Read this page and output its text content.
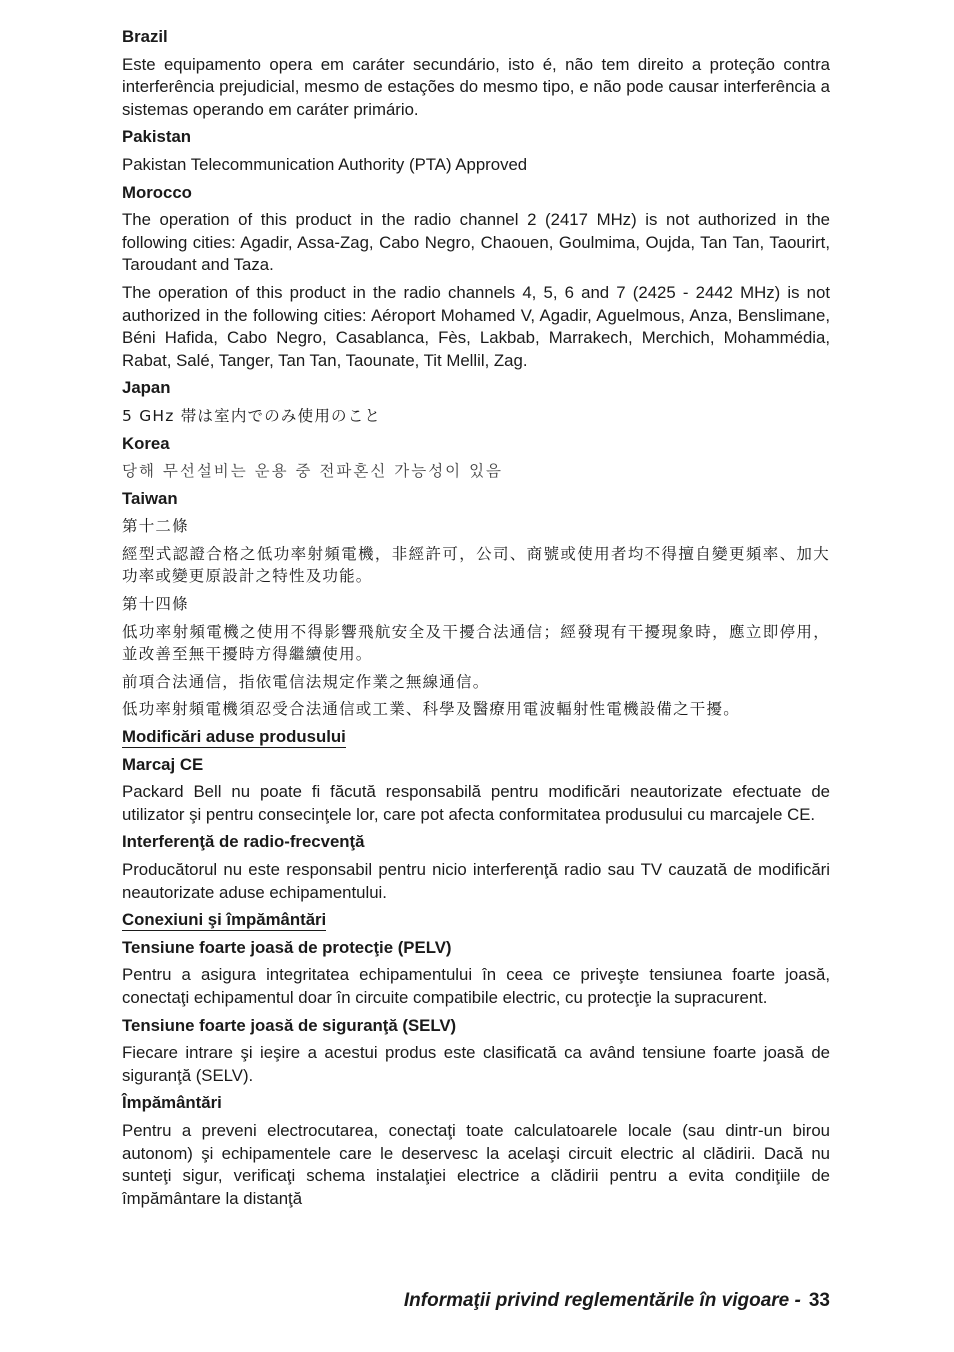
Brazil

Este equipamento opera em caráter secundário, isto é, não tem direito a proteção contra interferência prejudicial, mesmo de estações do mesmo tipo, e não pode causar interferência a sistemas operando em caráter primário.

Pakistan

Pakistan Telecommunication Authority (PTA) Approved

Morocco

The operation of this product in the radio channel 2 (2417 MHz) is not authorized in the following cities: Agadir, Assa-Zag, Cabo Negro, Chaouen, Goulmima, Oujda, Tan Tan, Taourirt, Taroudant and Taza.

The operation of this product in the radio channels 4, 5, 6 and 7 (2425 - 2442 MHz) is not authorized in the following cities: Aéroport Mohamed V, Agadir, Aguelmous, Anza, Benslimane, Béni Hafida, Cabo Negro, Casablanca, Fès, Lakbab, Marrakech, Merchich, Mohammédia, Rabat, Salé, Tanger, Tan Tan, Taounate, Tit Mellil, Zag.

Japan

5 GHz 帯は室内でのみ使用のこと

Korea

당해 무선설비는 운용 중 전파혼신 가능성이 있음

Taiwan

第十二條

經型式認證合格之低功率射頻電機，非經許可，公司、商號或使用者均不得擅自變更頻率、加大功率或變更原設計之特性及功能。

第十四條

低功率射頻電機之使用不得影響飛航安全及干擾合法通信；經發現有干擾現象時，應立即停用，並改善至無干擾時方得繼續使用。

前項合法通信，指依電信法規定作業之無線通信。

低功率射頻電機須忍受合法通信或工業、科學及醫療用電波輻射性電機設備之干擾。

Modificări aduse produsului

Marcaj CE

Packard Bell nu poate fi făcută responsabilă pentru modificări neautorizate efectuate de utilizator şi pentru consecinţele lor, care pot afecta conformitatea produsului cu marcajele CE.

Interferenţă de radio-frecvenţă

Producătorul nu este responsabil pentru nicio interferenţă radio sau TV cauzată de modificări neautorizate aduse echipamentului.

Conexiuni şi împământări

Tensiune foarte joasă de protecţie (PELV)

Pentru a asigura integritatea echipamentului în ceea ce priveşte tensiunea foarte joasă, conectaţi echipamentul doar în circuite compatibile electric, cu protecţie la supracurent.

Tensiune foarte joasă de siguranţă (SELV)

Fiecare intrare şi ieşire a acestui produs este clasificată ca având tensiune foarte joasă de siguranţă (SELV).

Împământări

Pentru a preveni electrocutarea, conectaţi toate calculatoarele locale (sau dintr-un birou autonom) şi echipamentele care le deservesc la acelaşi circuit electric al clădirii. Dacă nu sunteţi sigur, verificaţi schema instalaţiei electrice a clădirii pentru a evita condiţiile de împământare la distanţă

Informaţii privind reglementările în vigoare - 33
